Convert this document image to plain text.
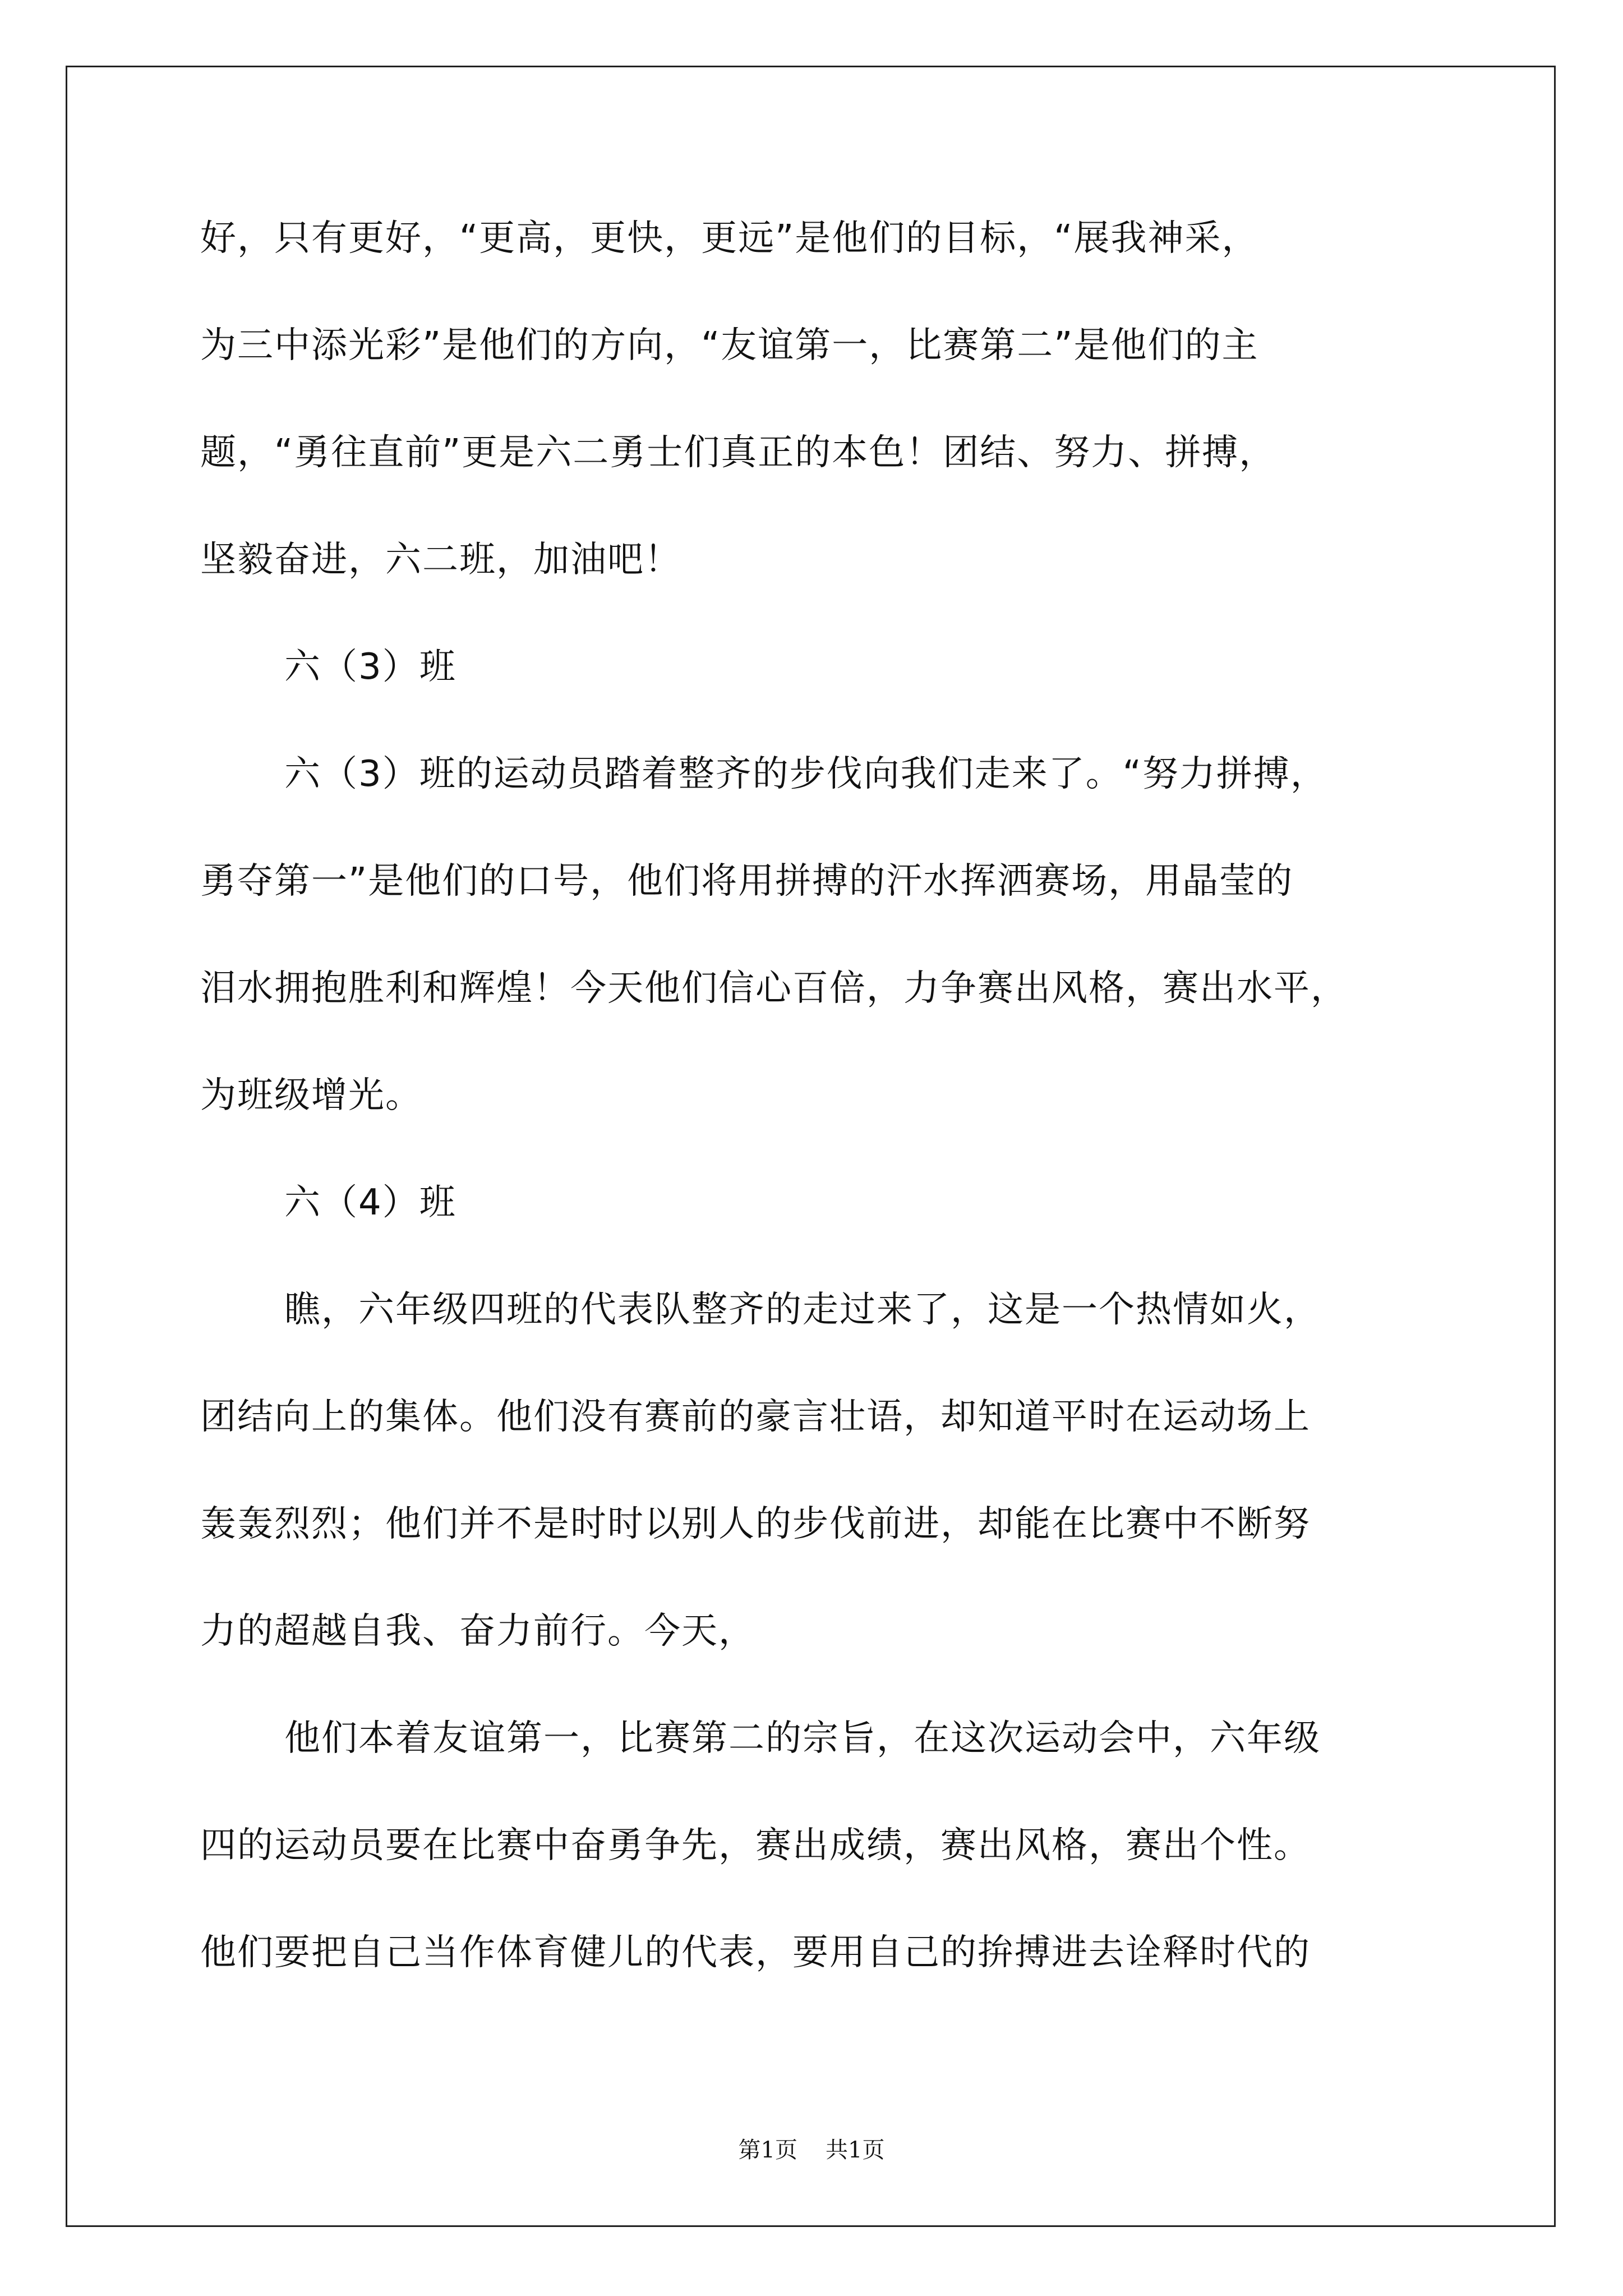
好，只有更好，“更高，更快，更远”是他们的目标，“展我神采，

为三中添光彩”是他们的方向，“友谊第一，比赛第二”是他们的主

题，“勇往直前”更是六二勇士们真正的本色！团结、努力、拼搏，

坚毅奋进，六二班，加油吧！

六（3）班

六（3）班的运动员踏着整齐的步伐向我们走来了。“努力拼搏，

勇夺第一”是他们的口号，他们将用拼搏的汗水挥洒赛场，用晶莹的

泪水拥抱胜利和辉煌！今天他们信心百倍，力争赛出风格，赛出水平，

为班级增光。

六（4）班

瞧，六年级四班的代表队整齐的走过来了，这是一个热情如火，

团结向上的集体。他们没有赛前的豪言壮语，却知道平时在运动场上

轰轰烈烈；他们并不是时时以别人的步伐前进，却能在比赛中不断努

力的超越自我、奋力前行。今天，

他们本着友谊第一，比赛第二的宗旨，在这次运动会中，六年级

四的运动员要在比赛中奋勇争先，赛出成绩，赛出风格，赛出个性。

他们要把自己当作体育健儿的代表，要用自己的拚搏进去诠释时代的

第1页 共1页
